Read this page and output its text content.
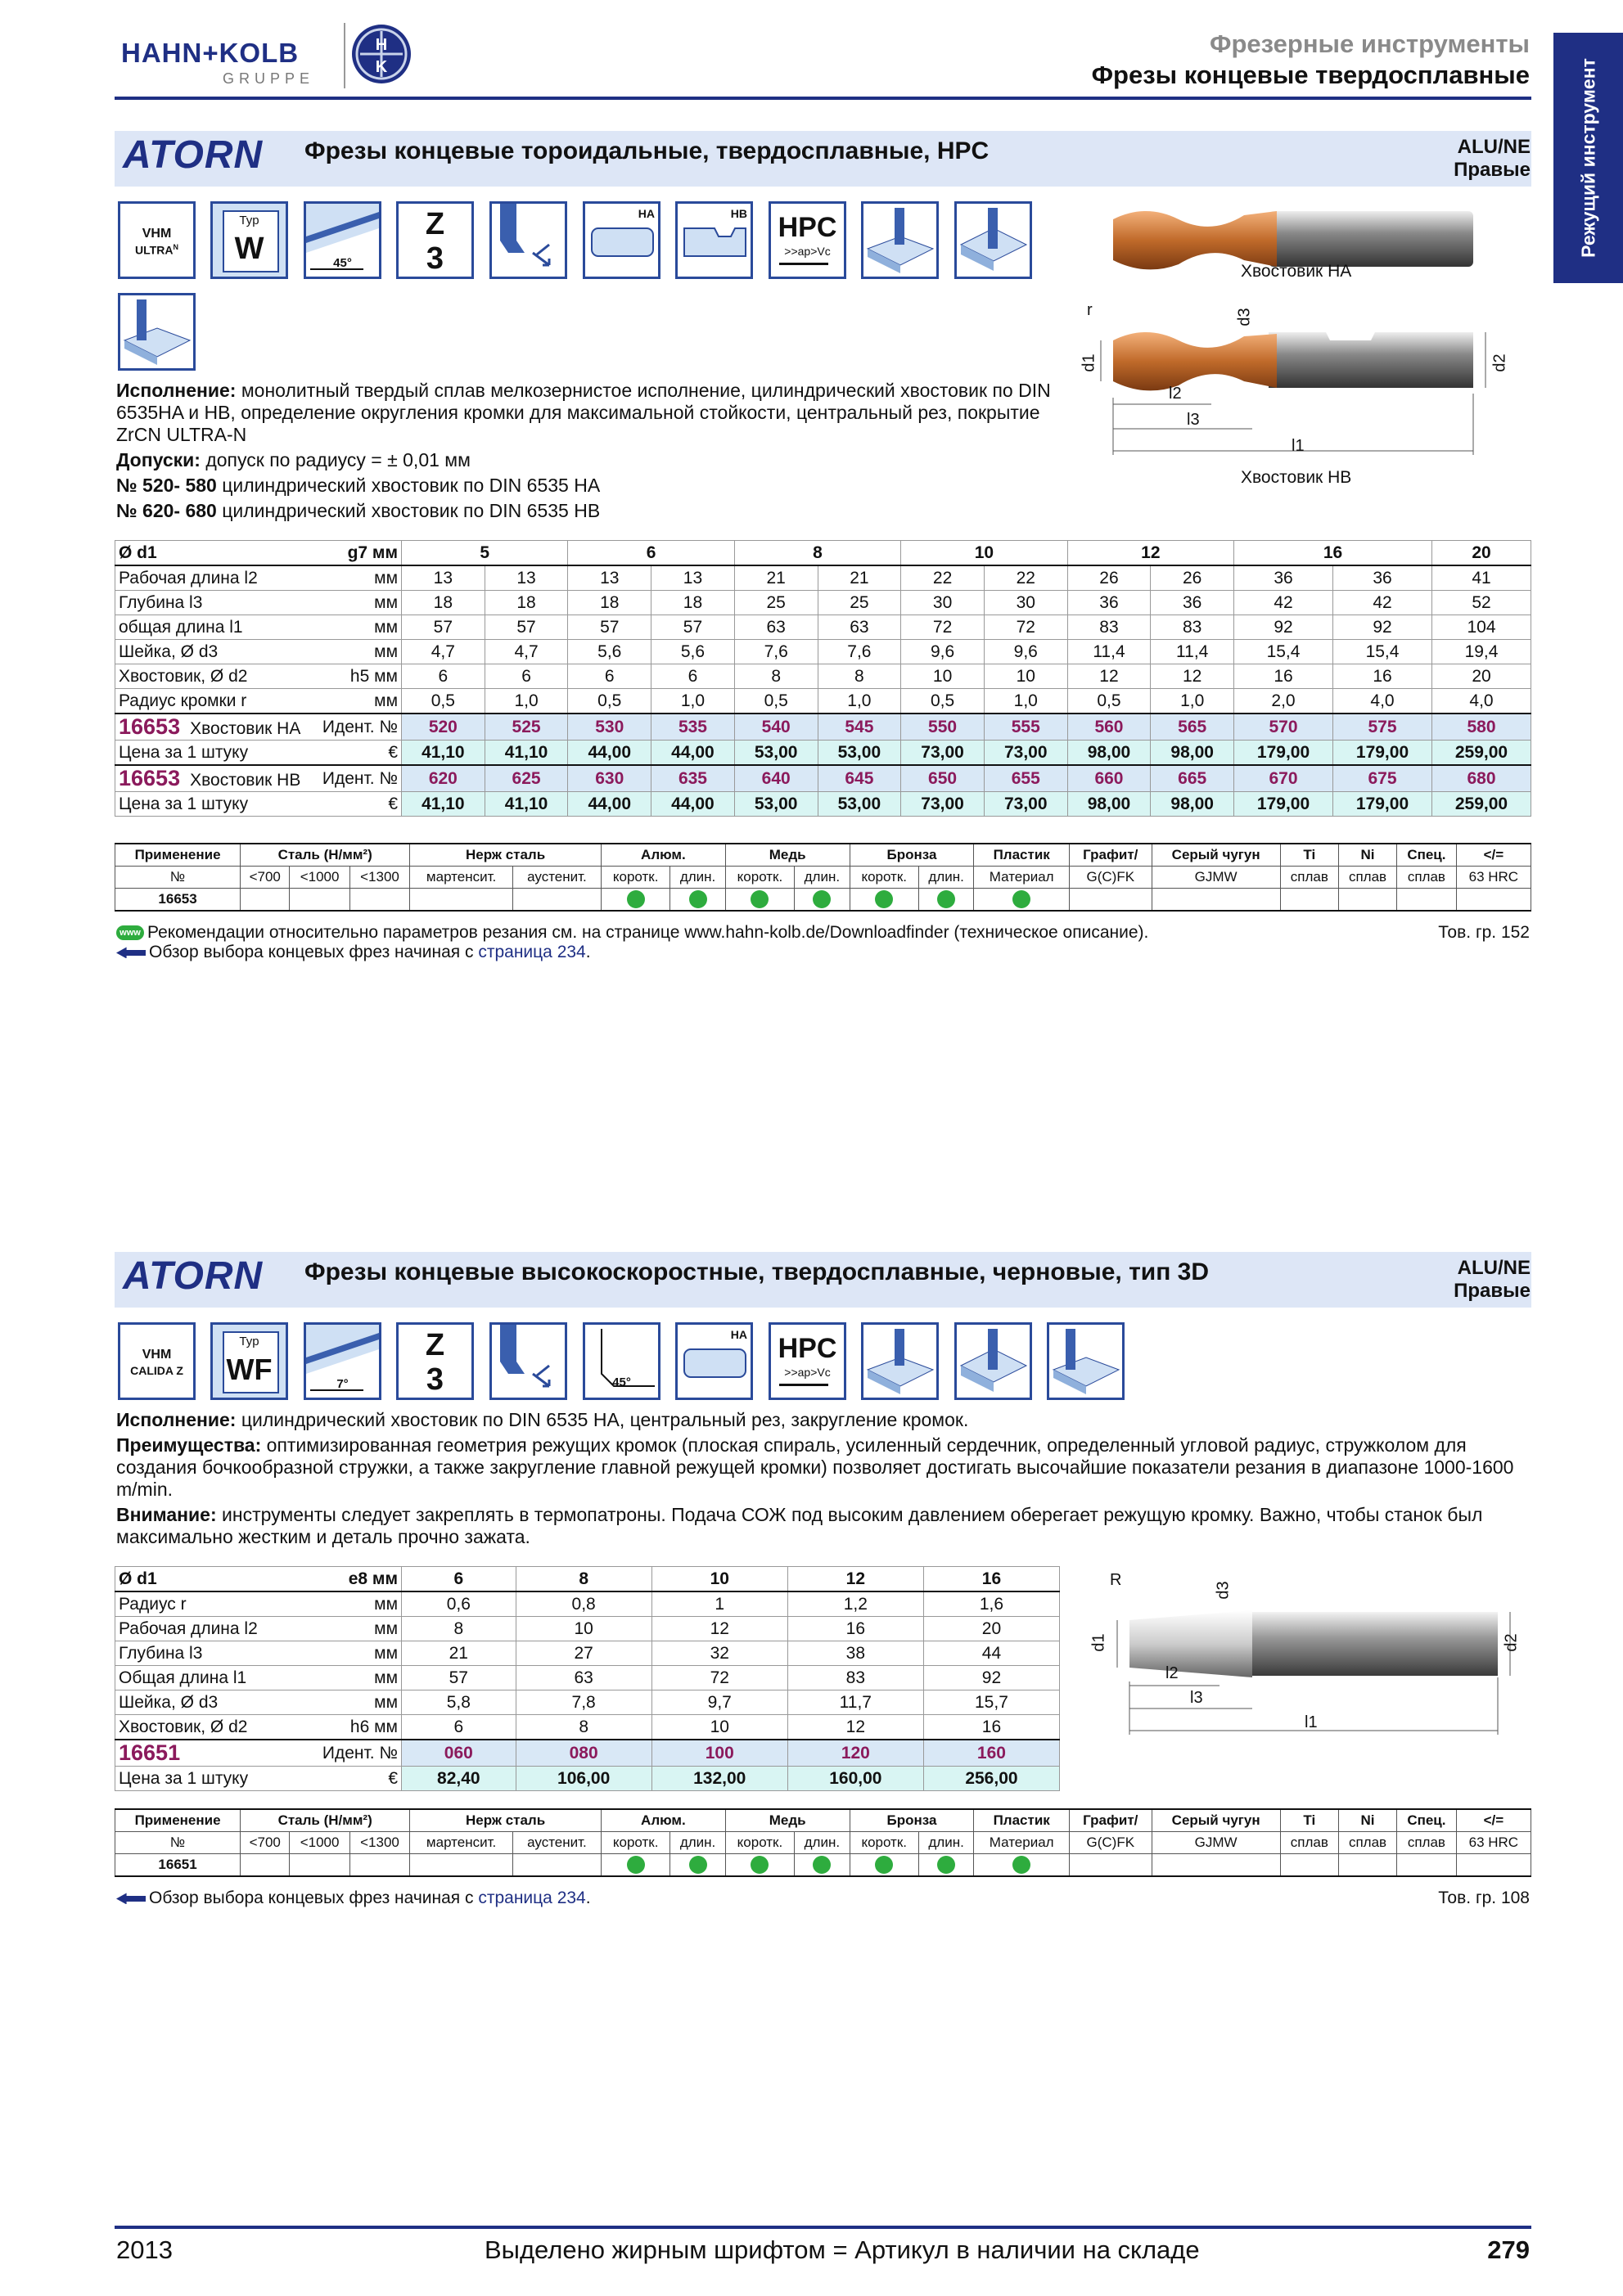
HAHN+KOLB
GRUPPE
H
K
Фрезерные инструменты
Фрезы концевые твердосплавные	Режущий инструмент
ATORN Фрезы концевые тороидальные, твердосплавные, HPC	ALU/NE
Правые
VHM
$ULTRA^N$
Typ
W	45°
Z
3
HA	HB HPC
>>ap>Vc
Хвостовик HA
r	d3
d1	d2
l2
l3
l1
Хвостовик HB
Исполнение: монолитный твердый сплав мелкозернистое исполнение, цилиндрический хвостовик по DIN 6535HA и HB, определение округления кромки для максимальной стойкости, центральный рез, покрытие ZrCN ULTRA-N
Допуски: допуск по радиусу = ± 0,01 мм
№ 520- 580 цилиндрический хвостовик по DIN 6535 HA
№ 620- 680 цилиндрический хвостовик по DIN 6535 HB
Ø d1	g7 мм	5		6		8		10		12		16		20
Рабочая длина l2	мм	13	13	13	13	21	21	22	22	26	26	36	36	41
Глубина l3	мм	18	18	18	18	25	25	30	30	36	36	42	42	52
общая длина l1	мм	57	57	57	57	63	63	72	72	83	83	92	92	104
Шейка, Ø d3	мм	4,7	4,7	5,6	5,6	7,6	7,6	9,6	9,6	11,4	11,4	15,4	15,4	19,4
Хвостовик, Ø d2	h5 мм	6	6	6	6	8	8	10	10	12	12	16	16	20
Радиус кромки r	мм	0,5	1,0	0,5	1,0	0,5	1,0	0,5	1,0	0,5	1,0	2,0	4,0	4,0
16653 Хвостовик HA	Идент. №	520	525	530	535	540	545	550	555	560	565	570	575	580
Цена за 1 штуку	€	41,10	41,10	44,00	44,00	53,00	53,00	73,00	73,00	98,00	98,00	179,00	179,00	259,00
16653 Хвостовик HB	Идент. №	620	625	630	635	640	645	650	655	660	665	670	675	680
Цена за 1 штуку	€	41,10	41,10	44,00	44,00	53,00	53,00	73,00	73,00	98,00	98,00	179,00	179,00	259,00
Применение	Сталь (Н/мм²)			Нерж сталь		Алюм.		Медь		Бронза		Пластик	Графит/	Серый чугун	Ti	Ni	Спец.	</=
№	<700	<1000	<1300	мартенсит.	аустенит.	коротк.	длин.	коротк.	длин.	коротк.	длин.	Материал	G(C)FK	GJMW	сплав	сплав	сплав	63 HRC
16653																		
www Рекомендации относительно параметров резания см. на странице www.hahn-kolb.de/Downloadfinder (техническое описание).	Тов. гр. 152
Обзор выбора концевых фрез начиная с страница 234.
ATORN Фрезы концевые высокоскоростные, твердосплавные, черновые, тип 3D	ALU/NE
Правые
VHM
CALIDA Z
Typ
WF	7°
Z
3	45°
HA HPC
>>ap>Vc
Исполнение: цилиндрический хвостовик по DIN 6535 HA, центральный рез, закругление кромок.
Преимущества: оптимизированная геометрия режущих кромок (плоская спираль, усиленный сердечник, определенный угловой радиус, стружколом для создания бочкообразной стружки, а также закругление главной режущей кромки) позволяет достигать высочайшие показатели резания в диапазоне 1000-1600 m/min.
Внимание: инструменты следует закреплять в термопатроны. Подача СОЖ под высоким давлением оберегает режущую кромку. Важно, чтобы станок был максимально жестким и деталь прочно зажата.
Ø d1	e8 мм	6	8	10	12	16
Радиус r	мм	0,6	0,8	1	1,2	1,6
Рабочая длина l2	мм	8	10	12	16	20
Глубина l3	мм	21	27	32	38	44
Общая длина l1	мм	57	63	72	83	92
Шейка, Ø d3	мм	5,8	7,8	9,7	11,7	15,7
Хвостовик, Ø d2	h6 мм	6	8	10	12	16
16651	Идент. №	060	080	100	120	160
Цена за 1 штуку	€	82,40	106,00	132,00	160,00	256,00
R
d3
d1	d2
l2
l3
l1
Применение	Сталь (Н/мм²)			Нерж сталь		Алюм.		Медь		Бронза		Пластик	Графит/	Серый чугун	Ti	Ni	Спец.	</=
№	<700	<1000	<1300	мартенсит.	аустенит.	коротк.	длин.	коротк.	длин.	коротк.	длин.	Материал	G(C)FK	GJMW	сплав	сплав	сплав	63 HRC
16651																		
Обзор выбора концевых фрез начиная с страница 234.	Тов. гр. 108
2013	Выделено жирным шрифтом = Артикул в наличии на складе	279
